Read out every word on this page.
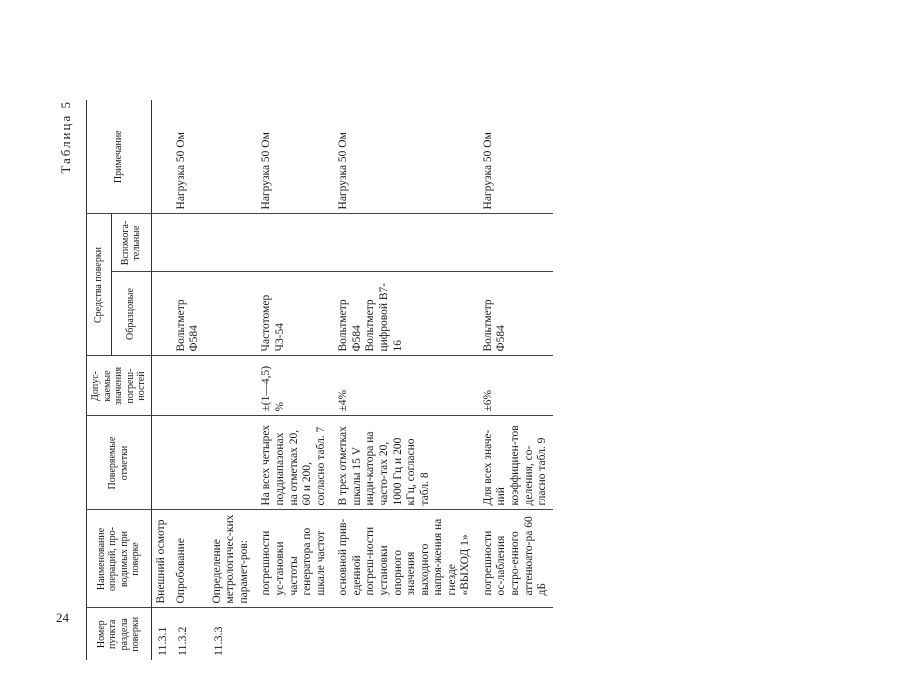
24

Таблица 5

Номер пункта раздела поверки	Наименование операций, про-водимых при поверке	Поверяемые отметки	Допус-каемые значения погреш-ностей	Средства поверки		Примечание
				Образцовые	Вспомога-тельные	
11.3.1	Внешний осмотр					
11.3.2	Опробование			Вольтметр Ф584		Нагрузка 50 Ом
11.3.3	Определение метрологичес-ких парамет-ров:					
	погрешности ус-тановки частоты генератора по шкале частот	На всех четырех поддиапазонах на отметках 20, 60 и 200, согласно табл. 7	±(1—4,5) %	Частотомер Ч3-54		Нагрузка 50 Ом
	основной прив-еденной погреш-ности установки опорного значения выходного напря-жения на гнезде «ВЫХОД 1»	В трех отметках шкалы 15 V инди-катора на часто-тах 20, 1000 Гц и 200 кГц, согласно табл. 8	±4%	Вольтметр Ф584 Вольтметр цифровой В7-16		Нагрузка 50 Ом
	погрешности ос-лабления встро-енного аттенюато-ра 60 дБ	Для всех значе-ний коэффициен-тов деления, со-гласно табл. 9	±6%	Вольтметр Ф584		Нагрузка 50 Ом
